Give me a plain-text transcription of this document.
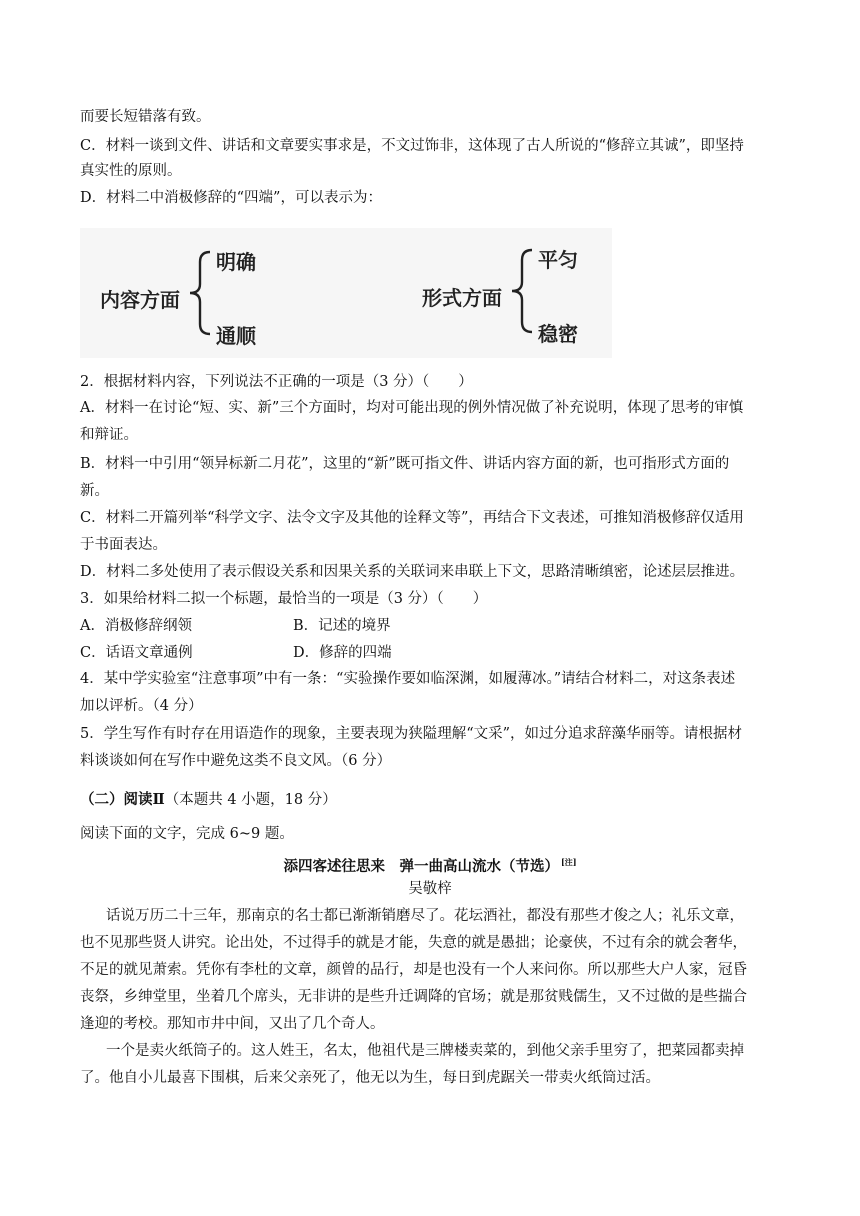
而要长短错落有致。
C．材料一谈到文件、讲话和文章要实事求是，不文过饰非，这体现了古人所说的“修辞立其诚”，即坚持
真实性的原则。
D．材料二中消极修辞的“四端”，可以表示为：
内容方面
明确
通顺
形式方面
平匀
稳密
2．根据材料内容，下列说法不正确的一项是（3 分）（　　）
A．材料一在讨论“短、实、新”三个方面时，均对可能出现的例外情况做了补充说明，体现了思考的审慎
和辩证。
B．材料一中引用“领异标新二月花”，这里的“新”既可指文件、讲话内容方面的新，也可指形式方面的
新。
C．材料二开篇列举“科学文字、法令文字及其他的诠释文等”，再结合下文表述，可推知消极修辞仅适用
于书面表达。
D．材料二多处使用了表示假设关系和因果关系的关联词来串联上下文，思路清晰缜密，论述层层推进。
3．如果给材料二拟一个标题，最恰当的一项是（3 分）（　　）
A．消极修辞纲领	B．记述的境界
C．话语文章通例	D．修辞的四端
4．某中学实验室“注意事项”中有一条：“实验操作要如临深渊，如履薄冰。”请结合材料二，对这条表述
加以评析。（4 分）
5．学生写作有时存在用语造作的现象，主要表现为狭隘理解“文采”，如过分追求辞藻华丽等。请根据材
料谈谈如何在写作中避免这类不良文风。（6 分）
（二）阅读Ⅱ（本题共 4 小题，18 分）
阅读下面的文字，完成 6~9 题。
添四客述往思来　弹一曲高山流水（节选） [注]
吴敬梓
话说万历二十三年，那南京的名士都已渐渐销磨尽了。花坛酒社，都没有那些才俊之人；礼乐文章，
也不见那些贤人讲究。论出处，不过得手的就是才能，失意的就是愚拙；论豪侠，不过有余的就会奢华，
不足的就见萧索。凭你有李杜的文章，颜曾的品行，却是也没有一个人来问你。所以那些大户人家，冠昏
丧祭，乡绅堂里，坐着几个席头，无非讲的是些升迁调降的官场；就是那贫贱儒生，又不过做的是些揣合
逢迎的考校。那知市井中间，又出了几个奇人。
一个是卖火纸筒子的。这人姓王，名太，他祖代是三牌楼卖菜的，到他父亲手里穷了，把菜园都卖掉
了。他自小儿最喜下围棋，后来父亲死了，他无以为生，每日到虎踞关一带卖火纸筒过活。
